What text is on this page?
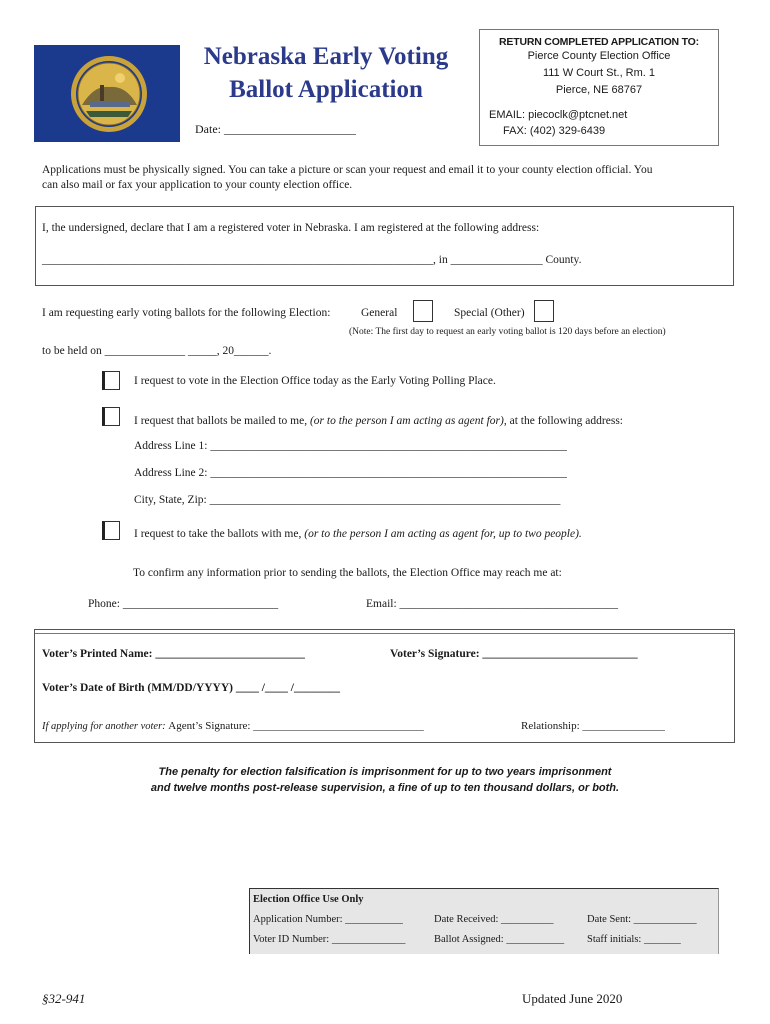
Nebraska Early Voting
Ballot Application
Date: ______________________
RETURN COMPLETED APPLICATION TO:
Pierce County Election Office
111 W Court St., Rm. 1
Pierce, NE 68767
EMAIL: piecoclk@ptcnet.net
FAX: (402) 329-6439
Applications must be physically signed. You can take a picture or scan your request and email it to your county election official. You
can also mail or fax your application to your county election office.
I, the undersigned, declare that I am a registered voter in Nebraska. I am registered at the following address:
____________________________________________________________________, in ________________ County.
I am requesting early voting ballots for the following Election:	General	Special (Other)
(Note: The first day to request an early voting ballot is 120 days before an election)
to be held on ______________ _____, 20______.
I request to vote in the Election Office today as the Early Voting Polling Place.
I request that ballots be mailed to me, (or to the person I am acting as agent for), at the following address:
Address Line 1: ______________________________________________________________
Address Line 2: ______________________________________________________________
City, State, Zip: _____________________________________________________________
I request to take the ballots with me, (or to the person I am acting as agent for, up to two people).
To confirm any information prior to sending the ballots, the Election Office may reach me at:
Phone: ___________________________	Email: ______________________________________
Voter’s Printed Name: __________________________	Voter’s Signature: ___________________________
Voter’s Date of Birth (MM/DD/YYYY) ____ /____ /________
If applying for another voter: Agent’s Signature: _______________________________	Relationship: _______________
The penalty for election falsification is imprisonment for up to two years imprisonment
and twelve months post-release supervision, a fine of up to ten thousand dollars, or both.
Election Office Use Only
Application Number: ___________	Date Received: __________	Date Sent: ____________
Voter ID Number: ______________	Ballot Assigned: ___________ Staff initials: _______
§32-941	Updated June 2020
